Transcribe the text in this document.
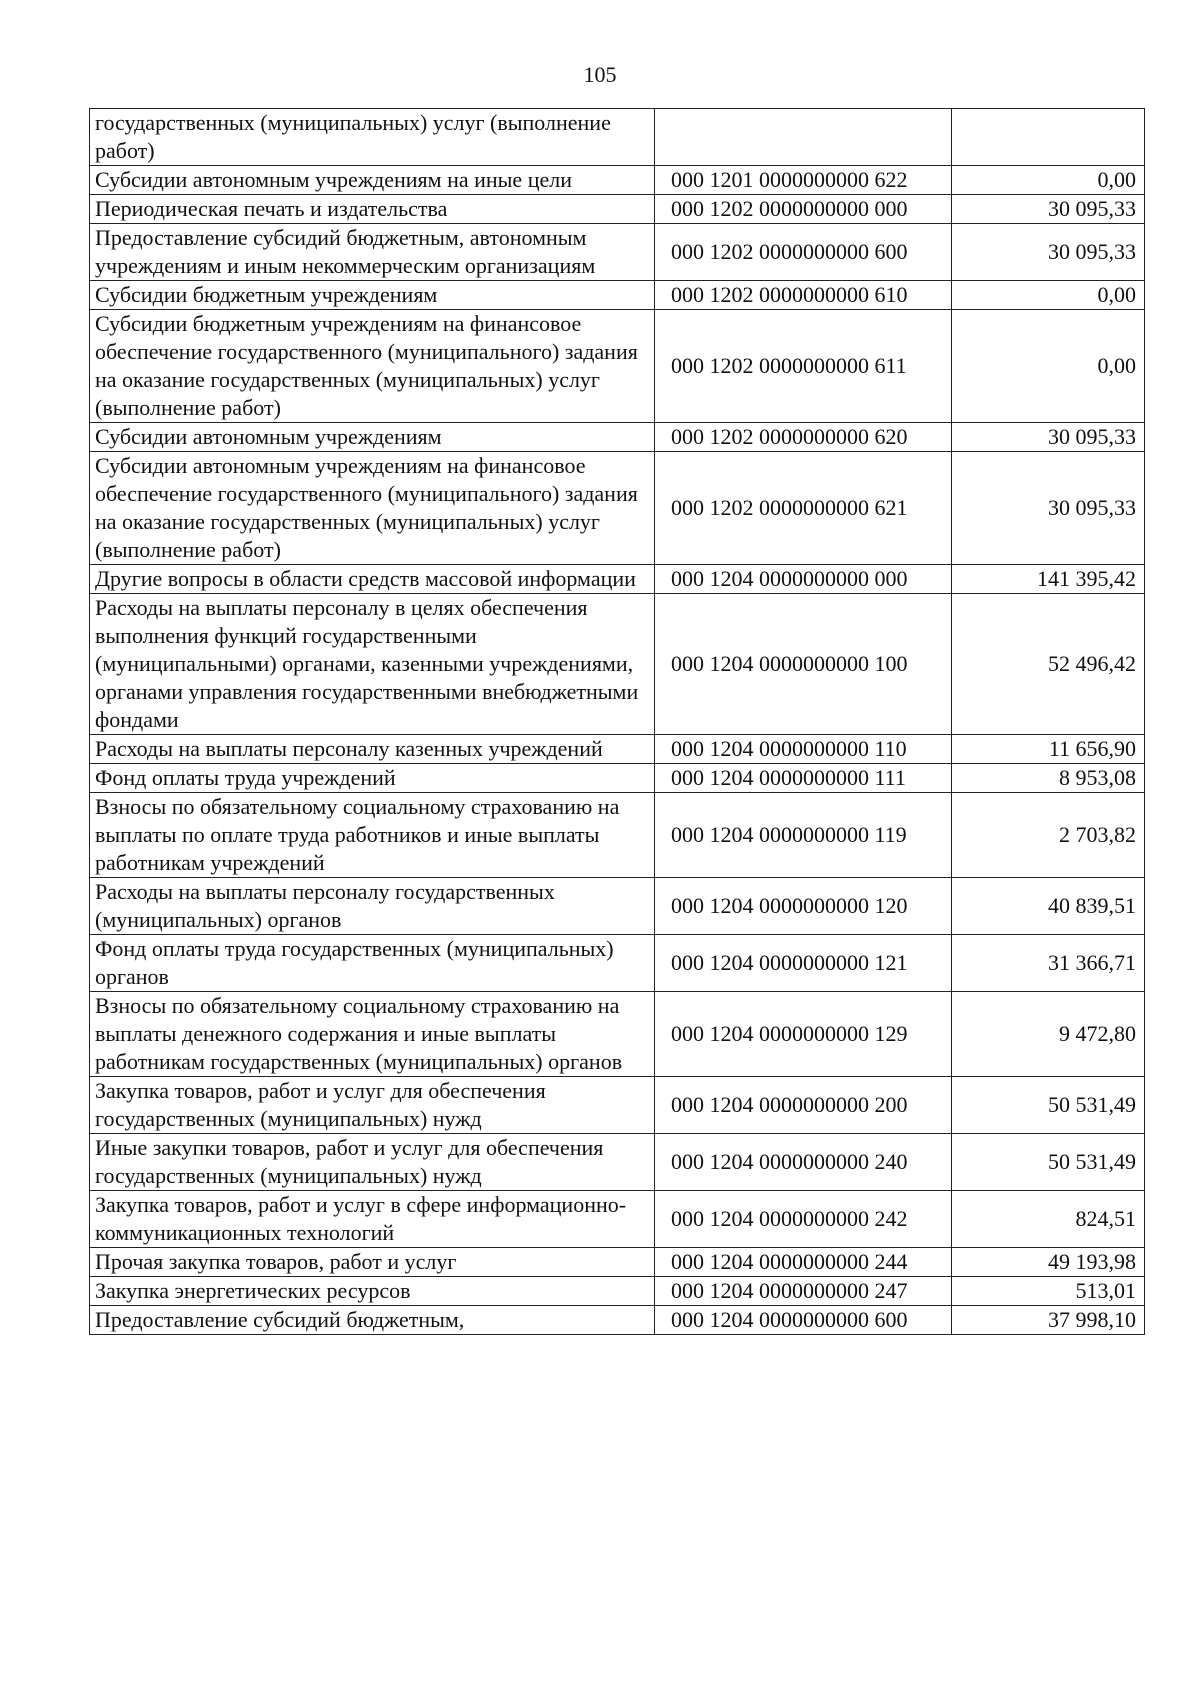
105
государственных (муниципальных) услуг (выполнение работ)		
Субсидии автономным учреждениям на иные цели	000 1201 0000000000 622	0,00
Периодическая печать и издательства	000 1202 0000000000 000	30 095,33
Предоставление субсидий бюджетным, автономным учреждениям и иным некоммерческим организациям	000 1202 0000000000 600	30 095,33
Субсидии бюджетным учреждениям	000 1202 0000000000 610	0,00
Субсидии бюджетным учреждениям на финансовое обеспечение государственного (муниципального) задания на оказание государственных (муниципальных) услуг (выполнение работ)	000 1202 0000000000 611	0,00
Субсидии автономным учреждениям	000 1202 0000000000 620	30 095,33
Субсидии автономным учреждениям на финансовое обеспечение государственного (муниципального) задания на оказание государственных (муниципальных) услуг (выполнение работ)	000 1202 0000000000 621	30 095,33
Другие вопросы в области средств массовой информации	000 1204 0000000000 000	141 395,42
Расходы на выплаты персоналу в целях обеспечения выполнения функций государственными (муниципальными) органами, казенными учреждениями, органами управления государственными внебюджетными фондами	000 1204 0000000000 100	52 496,42
Расходы на выплаты персоналу казенных учреждений	000 1204 0000000000 110	11 656,90
Фонд оплаты труда учреждений	000 1204 0000000000 111	8 953,08
Взносы по обязательному социальному страхованию на выплаты по оплате труда работников и иные выплаты работникам учреждений	000 1204 0000000000 119	2 703,82
Расходы на выплаты персоналу государственных (муниципальных) органов	000 1204 0000000000 120	40 839,51
Фонд оплаты труда государственных (муниципальных) органов	000 1204 0000000000 121	31 366,71
Взносы по обязательному социальному страхованию на выплаты денежного содержания и иные выплаты работникам государственных (муниципальных) органов	000 1204 0000000000 129	9 472,80
Закупка товаров, работ и услуг для обеспечения государственных (муниципальных) нужд	000 1204 0000000000 200	50 531,49
Иные закупки товаров, работ и услуг для обеспечения государственных (муниципальных) нужд	000 1204 0000000000 240	50 531,49
Закупка товаров, работ и услуг в сфере информационно-коммуникационных технологий	000 1204 0000000000 242	824,51
Прочая закупка товаров, работ и услуг	000 1204 0000000000 244	49 193,98
Закупка энергетических ресурсов	000 1204 0000000000 247	513,01
Предоставление субсидий бюджетным,	000 1204 0000000000 600	37 998,10
